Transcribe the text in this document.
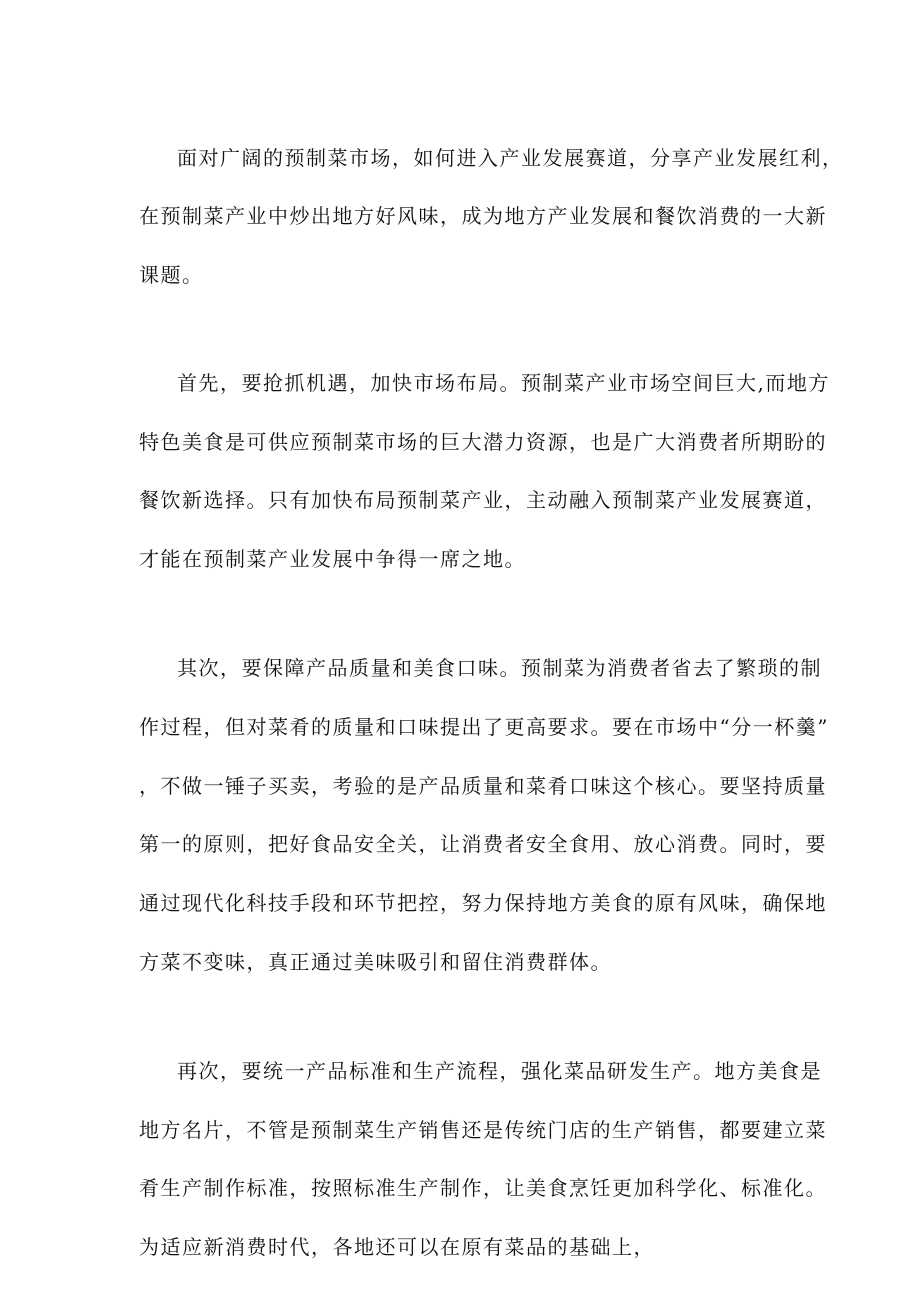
面对广阔的预制菜市场，如何进入产业发展赛道，分享产业发展红利，
在预制菜产业中炒出地方好风味，成为地方产业发展和餐饮消费的一大新
课题。
首先，要抢抓机遇，加快市场布局。预制菜产业市场空间巨大,而地方
特色美食是可供应预制菜市场的巨大潜力资源，也是广大消费者所期盼的
餐饮新选择。只有加快布局预制菜产业，主动融入预制菜产业发展赛道，
才能在预制菜产业发展中争得一席之地。
其次，要保障产品质量和美食口味。预制菜为消费者省去了繁琐的制
作过程，但对菜肴的质量和口味提出了更高要求。要在市场中“分一杯羹”
，不做一锤子买卖，考验的是产品质量和菜肴口味这个核心。要坚持质量
第一的原则，把好食品安全关，让消费者安全食用、放心消费。同时，要
通过现代化科技手段和环节把控，努力保持地方美食的原有风味，确保地
方菜不变味，真正通过美味吸引和留住消费群体。
再次，要统一产品标准和生产流程，强化菜品研发生产。地方美食是
地方名片，不管是预制菜生产销售还是传统门店的生产销售，都要建立菜
肴生产制作标准，按照标准生产制作，让美食烹饪更加科学化、标准化。
为适应新消费时代，各地还可以在原有菜品的基础上，
